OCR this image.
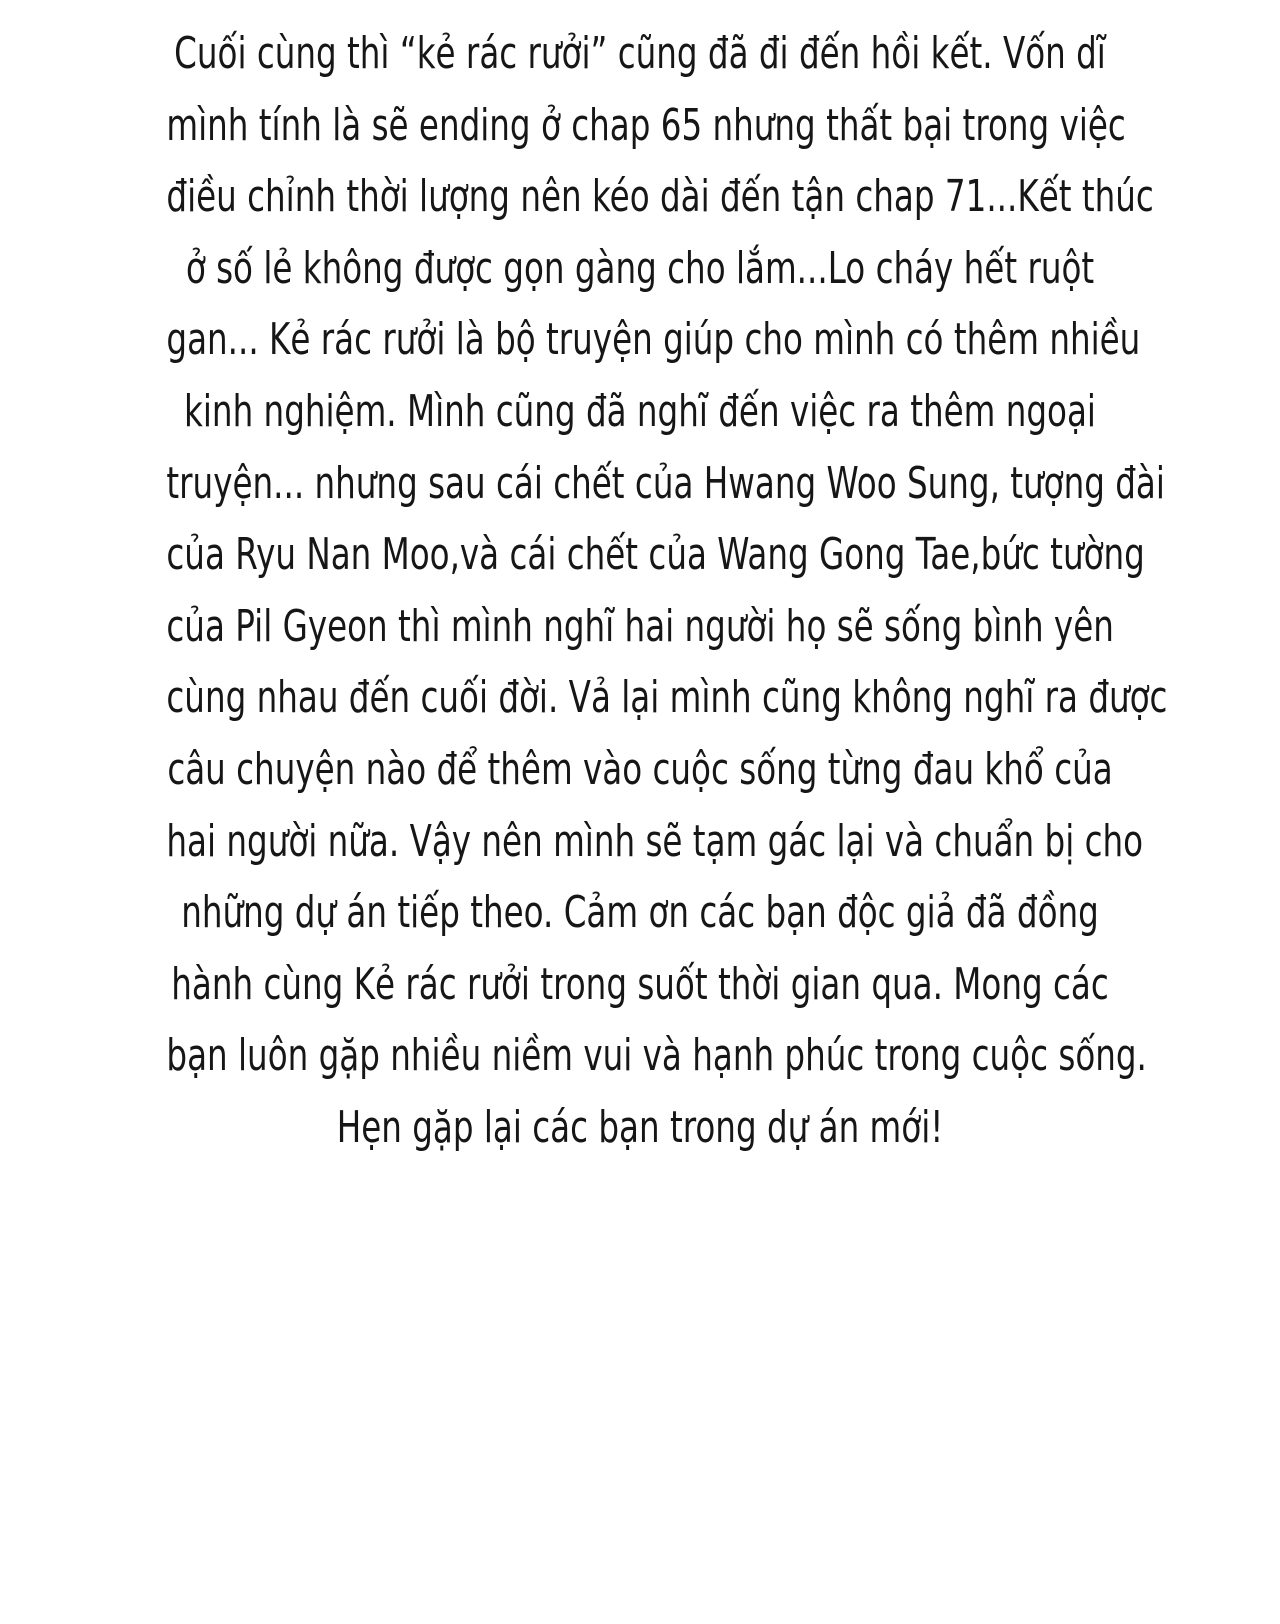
Cuối cùng thì “kẻ rác rưởi” cũng đã đi đến hồi kết. Vốn dĩ
mình tính là sẽ ending ở chap 65 nhưng thất bại trong việc
điều chỉnh thời lượng nên kéo dài đến tận chap 71...Kết thúc
ở số lẻ không được gọn gàng cho lắm...Lo cháy hết ruột
gan... Kẻ rác rưởi là bộ truyện giúp cho mình có thêm nhiều
kinh nghiệm. Mình cũng đã nghĩ đến việc ra thêm ngoại
truyện... nhưng sau cái chết của Hwang Woo Sung, tượng đài
của Ryu Nan Moo,và cái chết của Wang Gong Tae,bức tường
của Pil Gyeon thì mình nghĩ hai người họ sẽ sống bình yên
cùng nhau đến cuối đời. Vả lại mình cũng không nghĩ ra được
câu chuyện nào để thêm vào cuộc sống từng đau khổ của
hai người nữa. Vậy nên mình sẽ tạm gác lại và chuẩn bị cho
những dự án tiếp theo. Cảm ơn các bạn độc giả đã đồng
hành cùng Kẻ rác rưởi trong suốt thời gian qua. Mong các
bạn luôn gặp nhiều niềm vui và hạnh phúc trong cuộc sống.
Hẹn gặp lại các bạn trong dự án mới!
